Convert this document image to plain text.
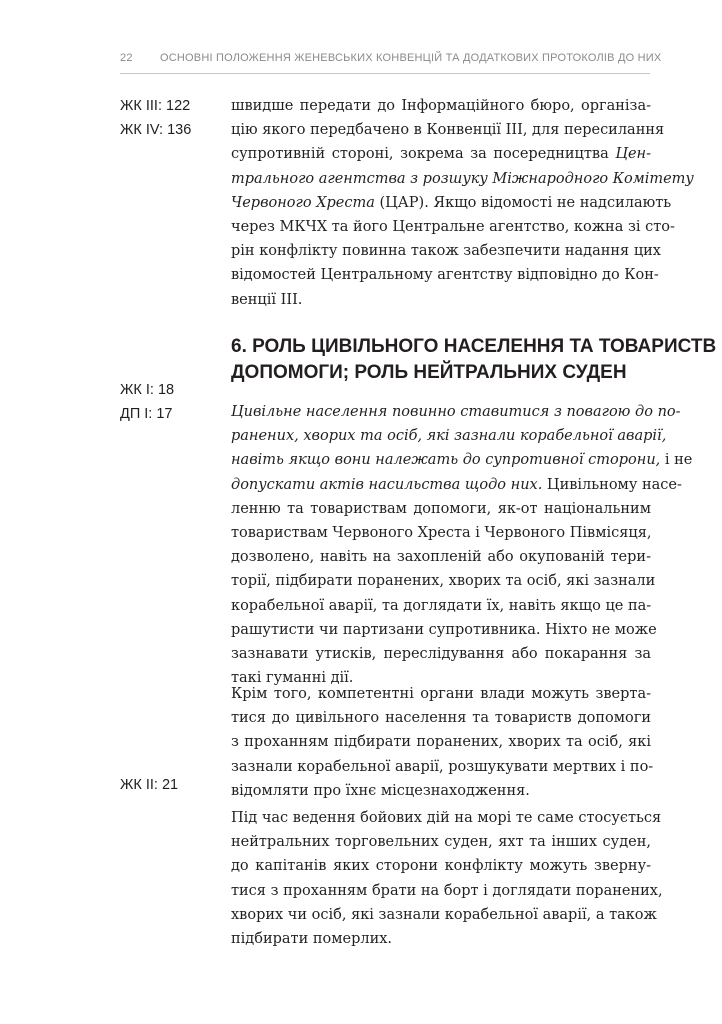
22 ОСНОВНІ ПОЛОЖЕННЯ ЖЕНЕВСЬКИХ КОНВЕНЦІЙ ТА ДОДАТКОВИХ ПРОТОКОЛІВ ДО НИХ
ЖК III: 122
ЖК IV: 136
ЖК I: 18
ДП I: 17
ЖК II: 21
швидше передати до Інформаційного бюро, організа-
цію якого передбачено в Конвенції III, для пересилання
супротивній стороні, зокрема за посередництва Цен-
трального агентства з розшуку Міжнародного Комітету
Червоного Хреста (ЦАР). Якщо відомості не надсилають
через МКЧХ та його Центральне агентство, кожна зі сто-
рін конфлікту повинна також забезпечити надання цих
відомостей Центральному агентству відповідно до Кон-
венції III.
6. РОЛЬ ЦИВІЛЬНОГО НАСЕЛЕННЯ ТА ТОВАРИСТВ
ДОПОМОГИ; РОЛЬ НЕЙТРАЛЬНИХ СУДЕН
Цивільне населення повинно ставитися з повагою до по-
ранених, хворих та осіб, які зазнали корабельної аварії,
навіть якщо вони належать до супротивної сторони, і не
допускати актів насильства щодо них. Цивільному насе-
ленню та товариствам допомоги, як-от національним
товариствам Червоного Хреста і Червоного Півмісяця,
дозволено, навіть на захопленій або окупованій тери-
торії, підбирати поранених, хворих та осіб, які зазнали
корабельної аварії, та доглядати їх, навіть якщо це па-
рашутисти чи партизани супротивника. Ніхто не може
зазнавати утисків, переслідування або покарання за
такі гуманні дії.
Крім того, компетентні органи влади можуть зверта-
тися до цивільного населення та товариств допомоги
з проханням підбирати поранених, хворих та осіб, які
зазнали корабельної аварії, розшукувати мертвих і по-
відомляти про їхнє місцезнаходження.
Під час ведення бойових дій на морі те саме стосується
нейтральних торговельних суден, яхт та інших суден,
до капітанів яких сторони конфлікту можуть зверну-
тися з проханням брати на борт і доглядати поранених,
хворих чи осіб, які зазнали корабельної аварії, а також
підбирати померлих.
